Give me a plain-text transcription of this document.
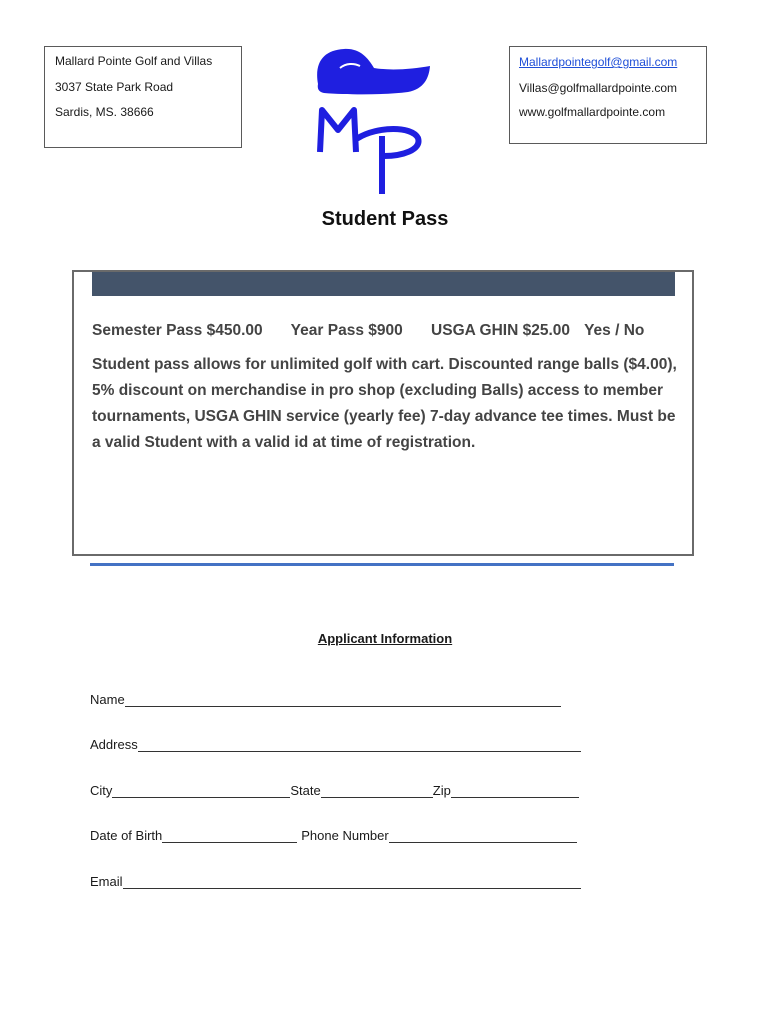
Mallard Pointe Golf and Villas
3037 State Park Road
Sardis, MS. 38666
Mallardpointegolf@gmail.com
Villas@golfmallardpointe.com
www.golfmallardpointe.com
Student Pass
Semester Pass $450.00 Year Pass $900 USGA GHIN $25.00 Yes / No
Student pass allows for unlimited golf with cart. Discounted range balls ($4.00), 5% discount on merchandise in pro shop (excluding Balls) access to member tournaments, USGA GHIN service (yearly fee) 7-day advance tee times. Must be a valid Student with a valid id at time of registration.
Applicant Information
Name
Address
City	State	Zip
Date of Birth	Phone Number
Email
